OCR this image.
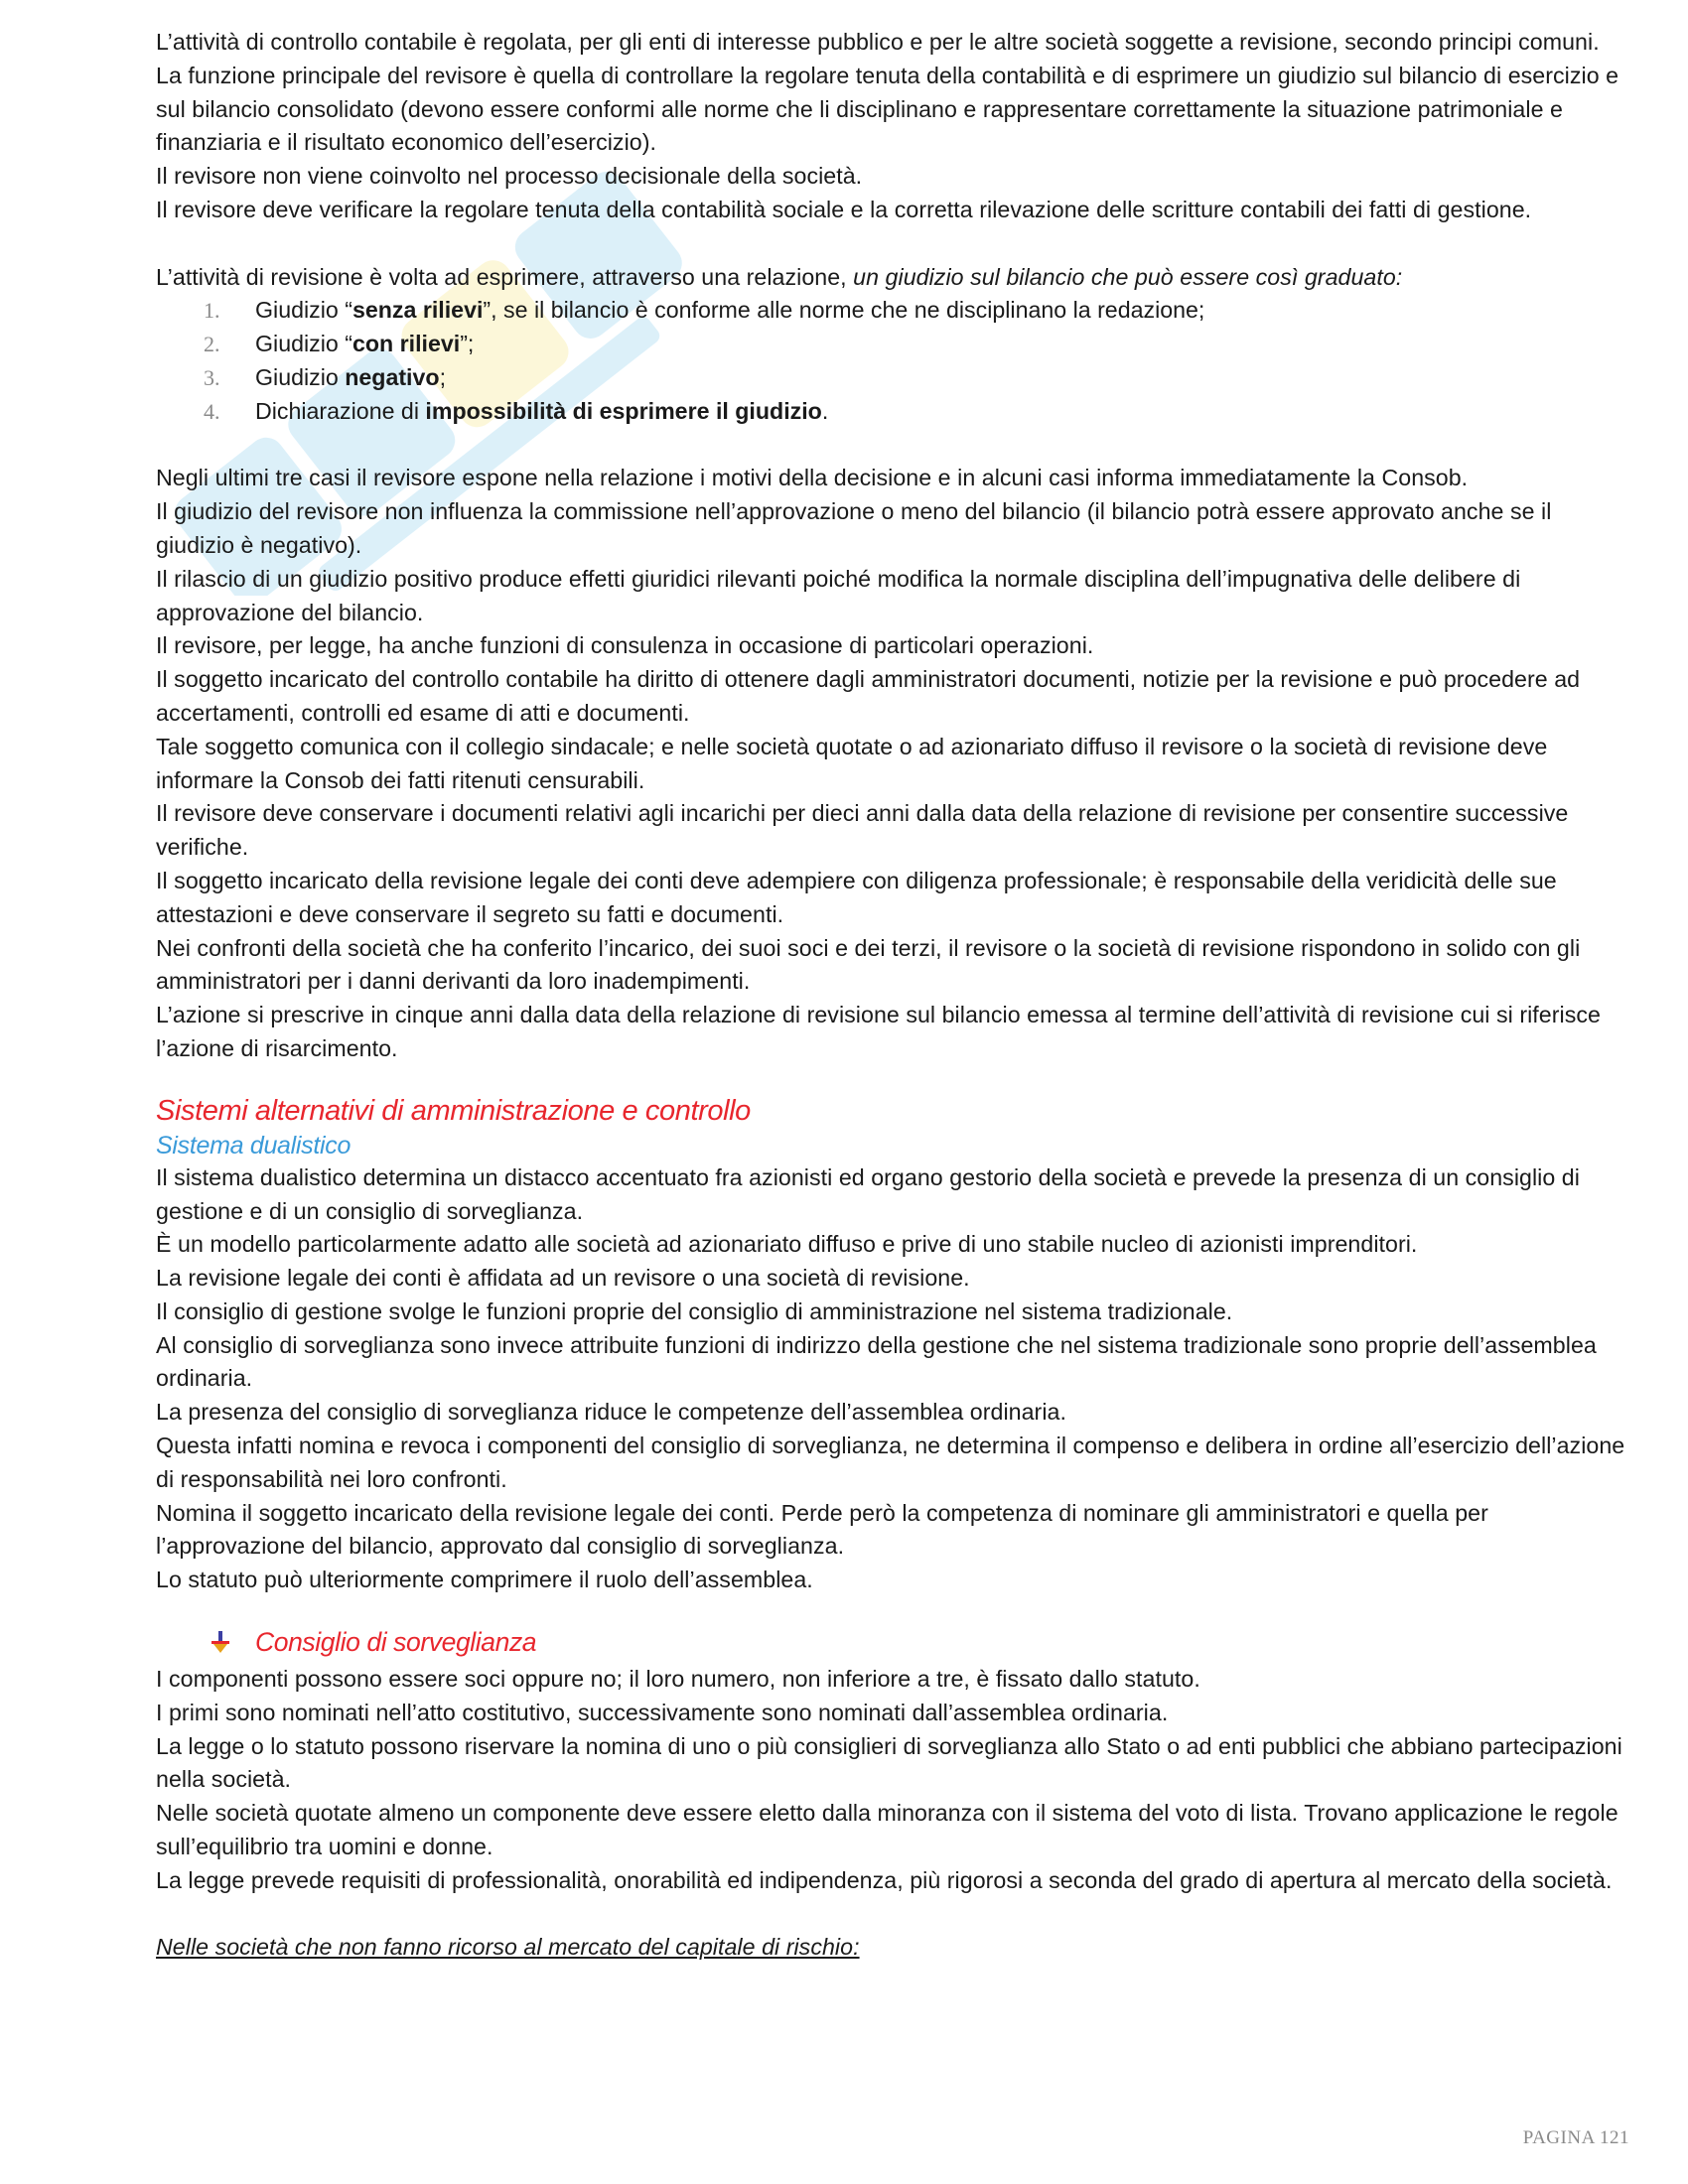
L’attività di controllo contabile è regolata, per gli enti di interesse pubblico e per le altre società soggette a revisione, secondo principi comuni.

La funzione principale del revisore è quella di controllare la regolare tenuta della contabilità e di esprimere un giudizio sul bilancio di esercizio e sul bilancio consolidato (devono essere conformi alle norme che li disciplinano e rappresentare correttamente la situazione patrimoniale e finanziaria e il risultato economico dell’esercizio).

Il revisore non viene coinvolto nel processo decisionale della società.

Il revisore deve verificare la regolare tenuta della contabilità sociale e la corretta rilevazione delle scritture contabili dei fatti di gestione.

L’attività di revisione è volta ad esprimere, attraverso una relazione, un giudizio sul bilancio che può essere così graduato:

1. Giudizio “senza rilievi”, se il bilancio è conforme alle norme che ne disciplinano la redazione;
2. Giudizio “con rilievi”;
3. Giudizio negativo;
4. Dichiarazione di impossibilità di esprimere il giudizio.

Negli ultimi tre casi il revisore espone nella relazione i motivi della decisione e in alcuni casi informa immediatamente la Consob.

Il giudizio del revisore non influenza la commissione nell’approvazione o meno del bilancio (il bilancio potrà essere approvato anche se il giudizio è negativo).

Il rilascio di un giudizio positivo produce effetti giuridici rilevanti poiché modifica la normale disciplina dell’impugnativa delle delibere di approvazione del bilancio.

Il revisore, per legge, ha anche funzioni di consulenza in occasione di particolari operazioni.

Il soggetto incaricato del controllo contabile ha diritto di ottenere dagli amministratori documenti, notizie per la revisione e può procedere ad accertamenti, controlli ed esame di atti e documenti.

Tale soggetto comunica con il collegio sindacale; e nelle società quotate o ad azionariato diffuso il revisore o la società di revisione deve informare la Consob dei fatti ritenuti censurabili.

Il revisore deve conservare i documenti relativi agli incarichi per dieci anni dalla data della relazione di revisione per consentire successive verifiche.

Il soggetto incaricato della revisione legale dei conti deve adempiere con diligenza professionale; è responsabile della veridicità delle sue attestazioni e deve conservare il segreto su fatti e documenti.

Nei confronti della società che ha conferito l’incarico, dei suoi soci e dei terzi, il revisore o la società di revisione rispondono in solido con gli amministratori per i danni derivanti da loro inadempimenti.

L’azione si prescrive in cinque anni dalla data della relazione di revisione sul bilancio emessa al termine dell’attività di revisione cui si riferisce l’azione di risarcimento.

Sistemi alternativi di amministrazione e controllo

Sistema dualistico

Il sistema dualistico determina un distacco accentuato fra azionisti ed organo gestorio della società e prevede la presenza di un consiglio di gestione e di un consiglio di sorveglianza.

È un modello particolarmente adatto alle società ad azionariato diffuso e prive di uno stabile nucleo di azionisti imprenditori.

La revisione legale dei conti è affidata ad un revisore o una società di revisione.

Il consiglio di gestione svolge le funzioni proprie del consiglio di amministrazione nel sistema tradizionale.

Al consiglio di sorveglianza sono invece attribuite funzioni di indirizzo della gestione che nel sistema tradizionale sono proprie dell’assemblea ordinaria.

La presenza del consiglio di sorveglianza riduce le competenze dell’assemblea ordinaria.

Questa infatti nomina e revoca i componenti del consiglio di sorveglianza, ne determina il compenso e delibera in ordine all’esercizio dell’azione di responsabilità nei loro confronti.

Nomina il soggetto incaricato della revisione legale dei conti. Perde però la competenza di nominare gli amministratori e quella per l’approvazione del bilancio, approvato dal consiglio di sorveglianza.

Lo statuto può ulteriormente comprimere il ruolo dell’assemblea.

Consiglio di sorveglianza

I componenti possono essere soci oppure no; il loro numero, non inferiore a tre, è fissato dallo statuto.

I primi sono nominati nell’atto costitutivo, successivamente sono nominati dall’assemblea ordinaria.

La legge o lo statuto possono riservare la nomina di uno o più consiglieri di sorveglianza allo Stato o ad enti pubblici che abbiano partecipazioni nella società.

Nelle società quotate almeno un componente deve essere eletto dalla minoranza con il sistema del voto di lista. Trovano applicazione le regole sull’equilibrio tra uomini e donne.

La legge prevede requisiti di professionalità, onorabilità ed indipendenza, più rigorosi a seconda del grado di apertura al mercato della società.

Nelle società che non fanno ricorso al mercato del capitale di rischio:

PAGINA 121
